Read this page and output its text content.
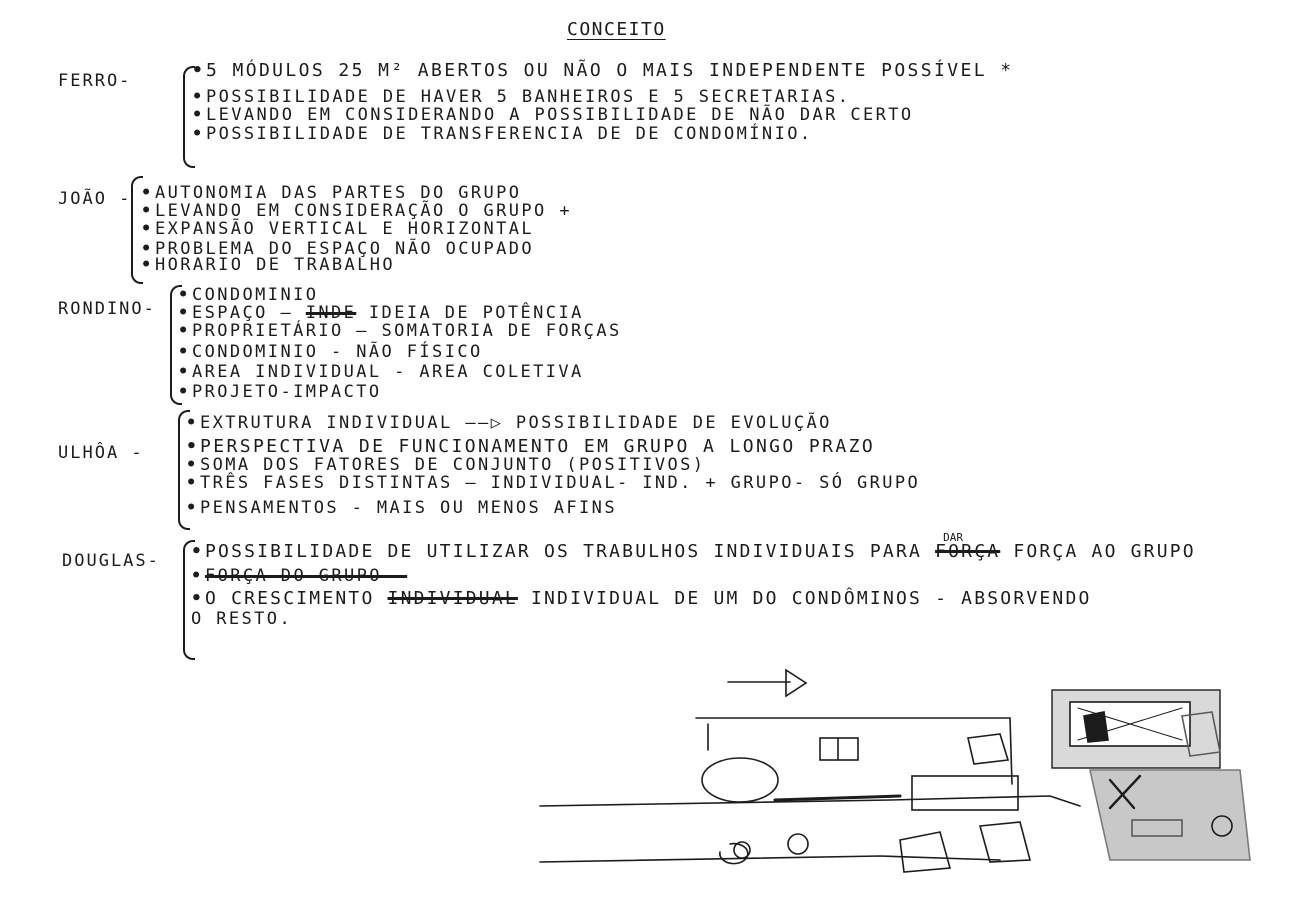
CONCEITO
FERRO-	•5 MÓDULOS 25 M² ABERTOS OU NÃO O MAIS INDEPENDENTE POSSÍVEL *
•POSSIBILIDADE DE HAVER 5 BANHEIROS E 5 SECRETARIAS.
•LEVANDO EM CONSIDERANDO A POSSIBILIDADE DE NÃO DAR CERTO
•POSSIBILIDADE DE TRANSFERENCIA DE DE CONDOMÍNIO.
JOÃO - •AUTONOMIA DAS PARTES DO GRUPO
•LEVANDO EM CONSIDERAÇÃO O GRUPO +
•EXPANSÃO VERTICAL E HORIZONTAL
•PROBLEMA DO ESPAÇO NÃO OCUPADO
•HORARIO DE TRABALHO
RONDINO-
•CONDOMINIO
•ESPAÇO — INDE IDEIA DE POTÊNCIA
•PROPRIETÁRIO — SOMATORIA DE FORÇAS
•CONDOMINIO - NÃO FÍSICO
•AREA INDIVIDUAL - AREA COLETIVA
•PROJETO-IMPACTO
ULHÔA -
•EXTRUTURA INDIVIDUAL ——▷ POSSIBILIDADE DE EVOLUÇÃO
•PERSPECTIVA DE FUNCIONAMENTO EM GRUPO A LONGO PRAZO
•SOMA DOS FATORES DE CONJUNTO (POSITIVOS)
•TRÊS FASES DISTINTAS — INDIVIDUAL- IND. + GRUPO- SÓ GRUPO
•PENSAMENTOS - MAIS OU MENOS AFINS
DOUGLAS- •POSSIBILIDADE DE UTILIZAR OS TRABULHOS INDIVIDUAIS PARA
DAR
FORÇA FORÇA AO GRUPO
•FORÇA DO GRUPO —
•O CRESCIMENTO INDIVIDUAL INDIVIDUAL DE UM DO CONDÔMINOS - ABSORVENDO
O RESTO.
